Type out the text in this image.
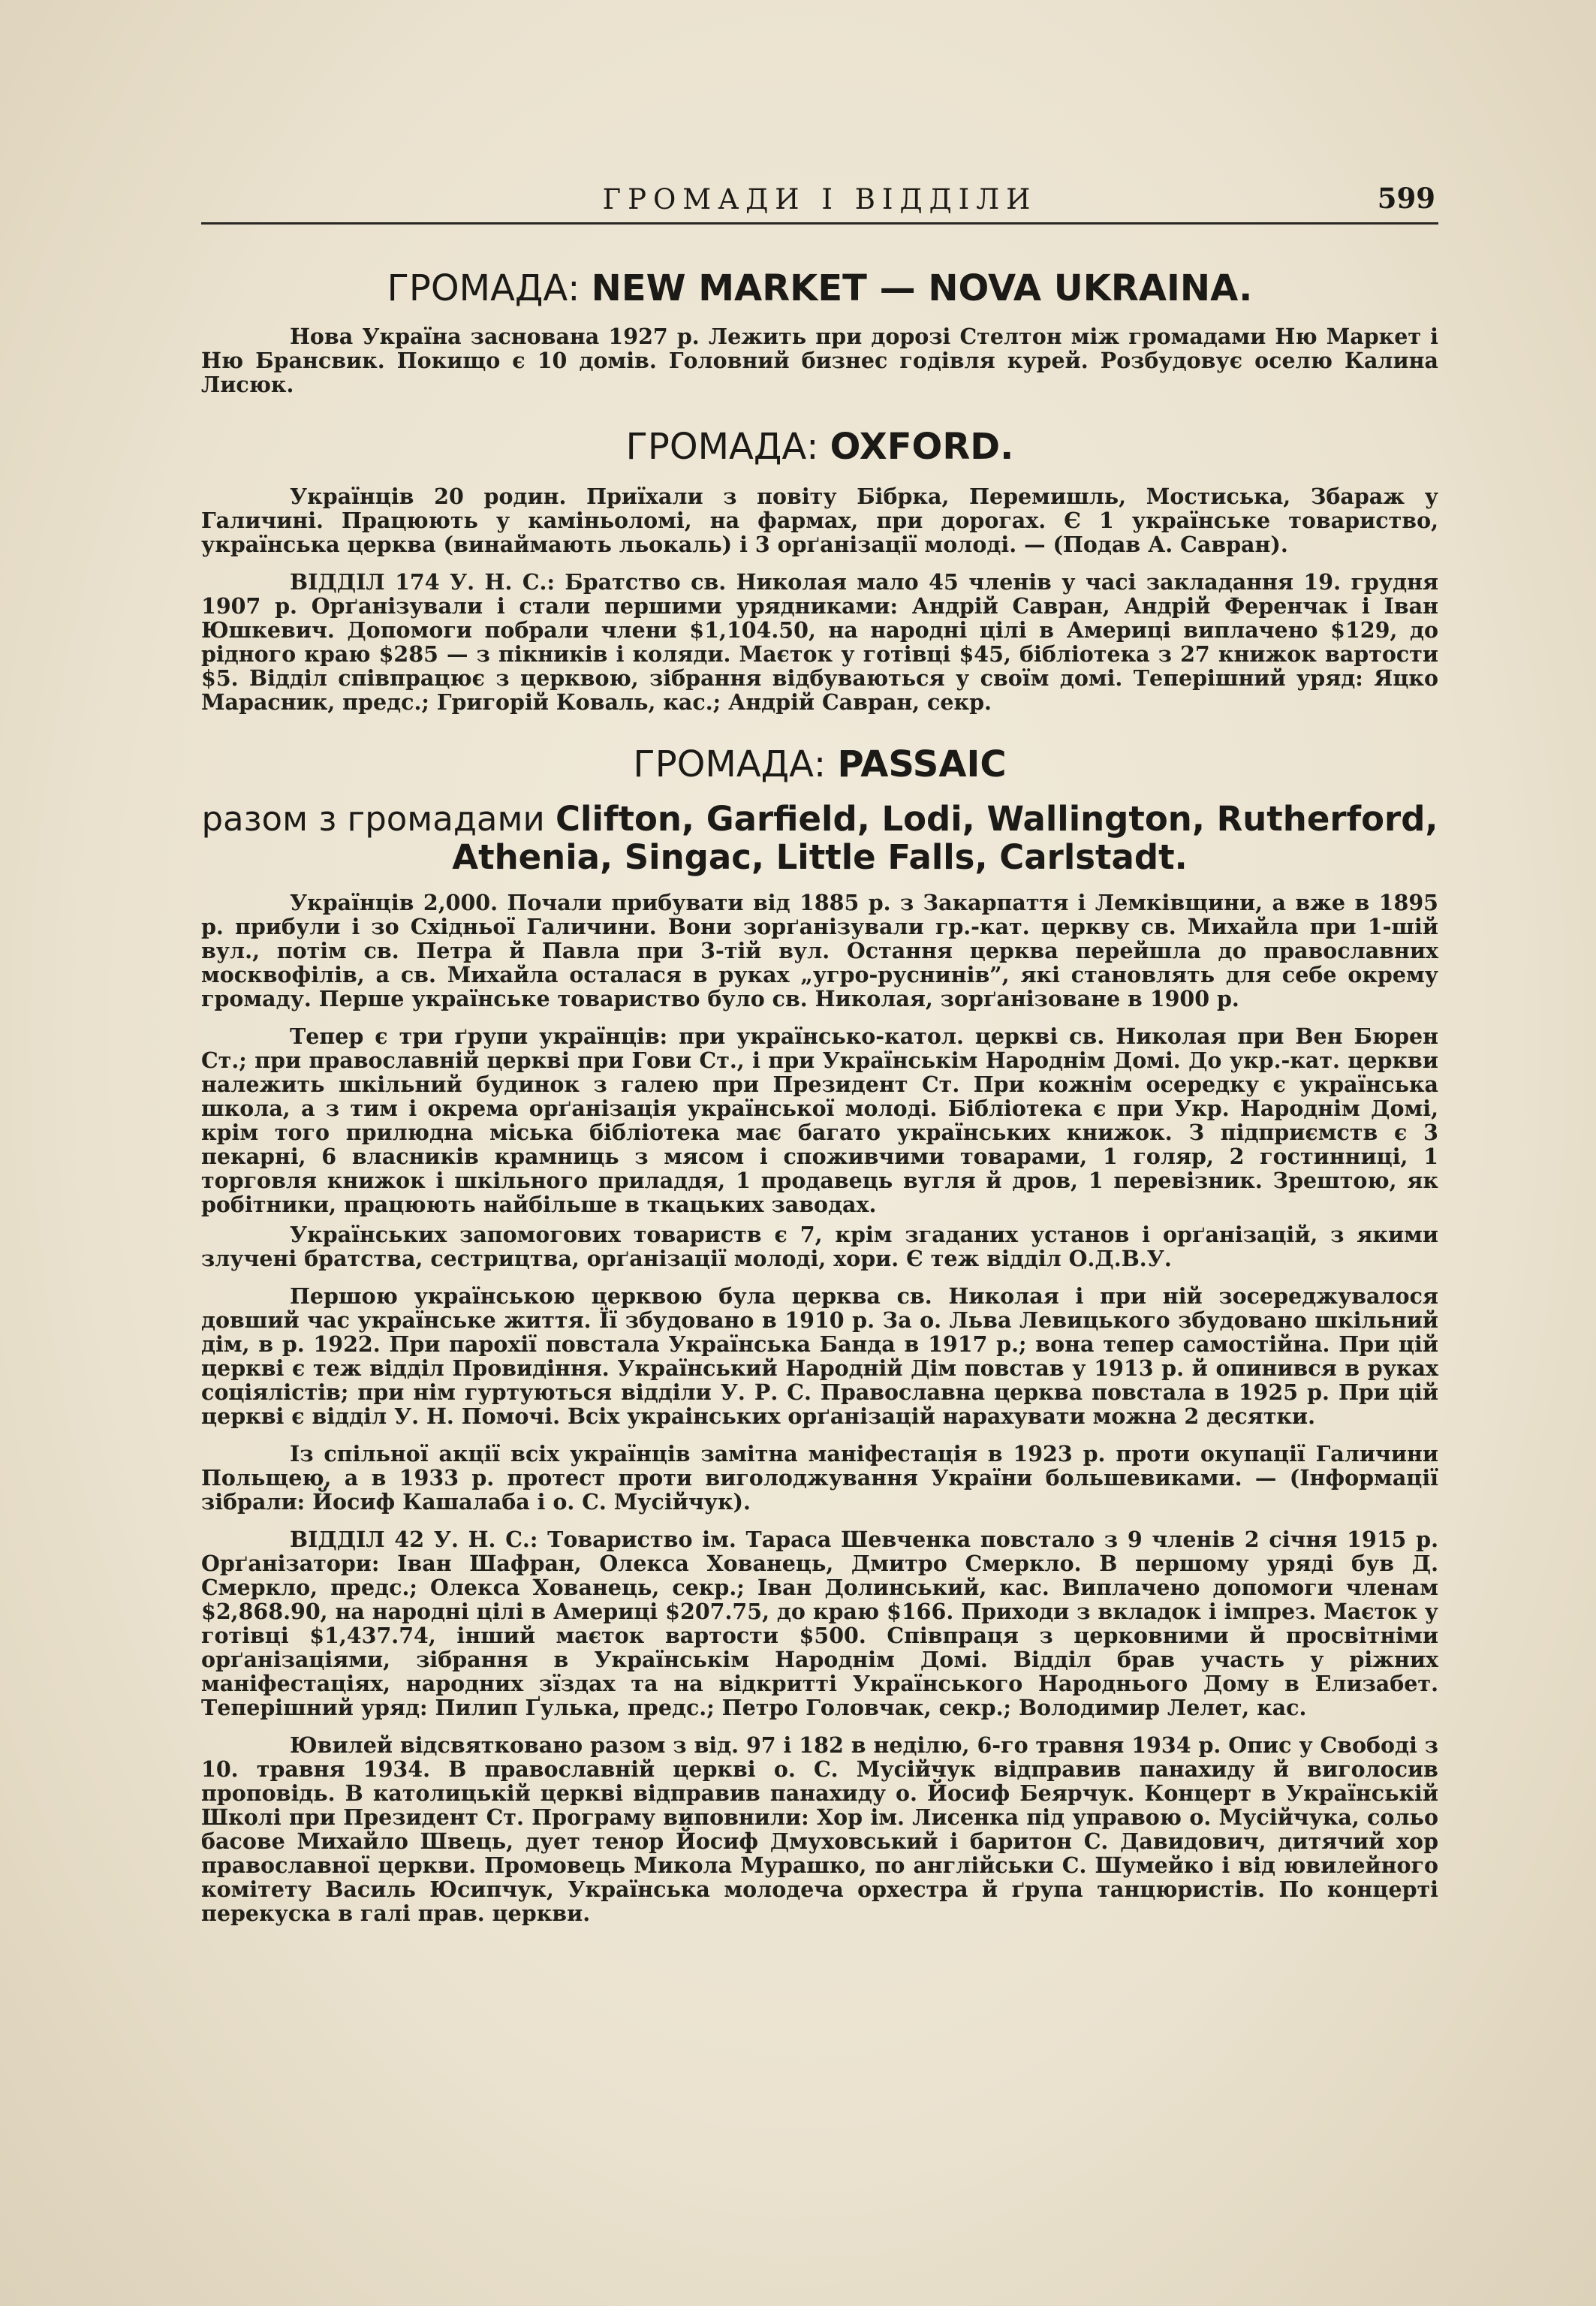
ГРОМАДИ І ВІДДІЛИ	599
ГРОМАДА: NEW MARKET — NOVA UKRAINA.

Нова Україна заснована 1927 р. Лежить при дорозі Стелтон між громадами Ню Маркет і Ню Брансвик. Покищо є 10 домів. Головний бизнес годівля курей. Розбудовує оселю Калина Лисюк.

ГРОМАДА: OXFORD.

Українців 20 родин. Приїхали з повіту Бібрка, Перемишль, Мостиська, Збараж у Галичині. Працюють у каміньоломі, на фармах, при дорогах. Є 1 українське товариство, українська церква (винаймають льокаль) і 3 орґанізації молоді. — (Подав А. Савран).

ВІДДІЛ 174 У. Н. С.: Братство св. Николая мало 45 членів у часі закладання 19. грудня 1907 р. Орґанізували і стали першими урядниками: Андрій Савран, Андрій Ференчак і Іван Юшкевич. Допомоги побрали члени $1,104.50, на народні цілі в Америці виплачено $129, до рідного краю $285 — з пікників і коляди. Маєток у готівці $45, бібліотека з 27 книжок вартости $5. Відділ співпрацює з церквою, зібрання відбуваються у своїм домі. Теперішний уряд: Яцко Марасник, предс.; Григорій Коваль, кас.; Андрій Савран, секр.

ГРОМАДА: PASSAIC
разом з громадами Clifton, Garfield, Lodi, Wallington, Rutherford,
Athenia, Singac, Little Falls, Carlstadt.

Українців 2,000. Почали прибувати від 1885 р. з Закарпаття і Лемківщини, а вже в 1895 р. прибули і зо Східньої Галичини. Вони зорґанізували гр.-кат. церкву св. Михайла при 1-шій вул., потім св. Петра й Павла при 3-тій вул. Остання церква перейшла до православних москвофілів, а св. Михайла осталася в руках „угро-руснинів”, які становлять для себе окрему громаду. Перше українське товариство було св. Николая, зорґанізоване в 1900 р.

Тепер є три ґрупи українців: при українсько-катол. церкві св. Николая при Вен Бюрен Ст.; при православній церкві при Гови Ст., і при Українськім Народнім Домі. До укр.-кат. церкви належить шкільний будинок з галею при Президент Ст. При кожнім осередку є українська школа, а з тим і окрема орґанізація української молоді. Бібліотека є при Укр. Народнім Домі, крім того прилюдна міська бібліотека має багато українських книжок. З підприємств є 3 пекарні, 6 власників крамниць з мясом і споживчими товарами, 1 голяр, 2 гостинниці, 1 торговля книжок і шкільного приладдя, 1 продавець вугля й дров, 1 перевізник. Зрештою, як робітники, працюють найбільше в ткацьких заводах.

Українських запомогових товариств є 7, крім згаданих установ і орґанізацій, з якими злучені братства, сестрицтва, орґанізації молоді, хори. Є теж відділ О.Д.В.У.

Першою українською церквою була церква св. Николая і при ній зосереджувалося довший час українське життя. Її збудовано в 1910 р. За о. Льва Левицького збудовано шкільний дім, в р. 1922. При парохії повстала Українська Банда в 1917 р.; вона тепер самостійна. При цій церкві є теж відділ Провидіння. Український Народній Дім повстав у 1913 р. й опинився в руках соціялістів; при нім гуртуються відділи У. Р. С. Православна церква повстала в 1925 р. При цій церкві є відділ У. Н. Помочі. Всіх украінських орґанізацій нарахувати можна 2 десятки.

Із спільної акції всіх українців замітна маніфестація в 1923 р. проти окупації Галичини Польщею, а в 1933 р. протест проти виголоджування України большевиками. — (Інформації зібрали: Йосиф Кашалаба і о. С. Мусійчук).

ВІДДІЛ 42 У. Н. С.: Товариство ім. Тараса Шевченка повстало з 9 членів 2 січня 1915 р. Орґанізатори: Іван Шафран, Олекса Хованець, Дмитро Смеркло. В першому уряді був Д. Смеркло, предс.; Олекса Хованець, секр.; Іван Долинський, кас. Виплачено допомоги членам $2,868.90, на народні цілі в Америці $207.75, до краю $166. Приходи з вкладок і імпрез. Маєток у готівці $1,437.74, інший маєток вартости $500. Співпраця з церковними й просвітніми орґанізаціями, зібрання в Українськім Народнім Домі. Відділ брав участь у ріжних маніфестаціях, народних зїздах та на відкритті Українського Народнього Дому в Елизабет. Теперішний уряд: Пилип Ґулька, предс.; Петро Головчак, секр.; Володимир Лелет, кас.

Ювилей відсвятковано разом з від. 97 і 182 в неділю, 6-го травня 1934 р. Опис у Свободі з 10. травня 1934. В православній церкві о. С. Мусійчук відправив панахиду й виголосив проповідь. В католицькій церкві відправив панахиду о. Йосиф Беярчук. Концерт в Українській Школі при Президент Ст. Програму виповнили: Хор ім. Лисенка під управою о. Мусійчука, сольо басове Михайло Швець, дует тенор Йосиф Дмуховський і баритон С. Давидович, дитячий хор православної церкви. Промовець Микола Мурашко, по англійськи С. Шумейко і від ювилейного комітету Василь Юсипчук, Українська молодеча орхестра й ґрупа танцюристів. По концерті перекуска в галі прав. церкви.
